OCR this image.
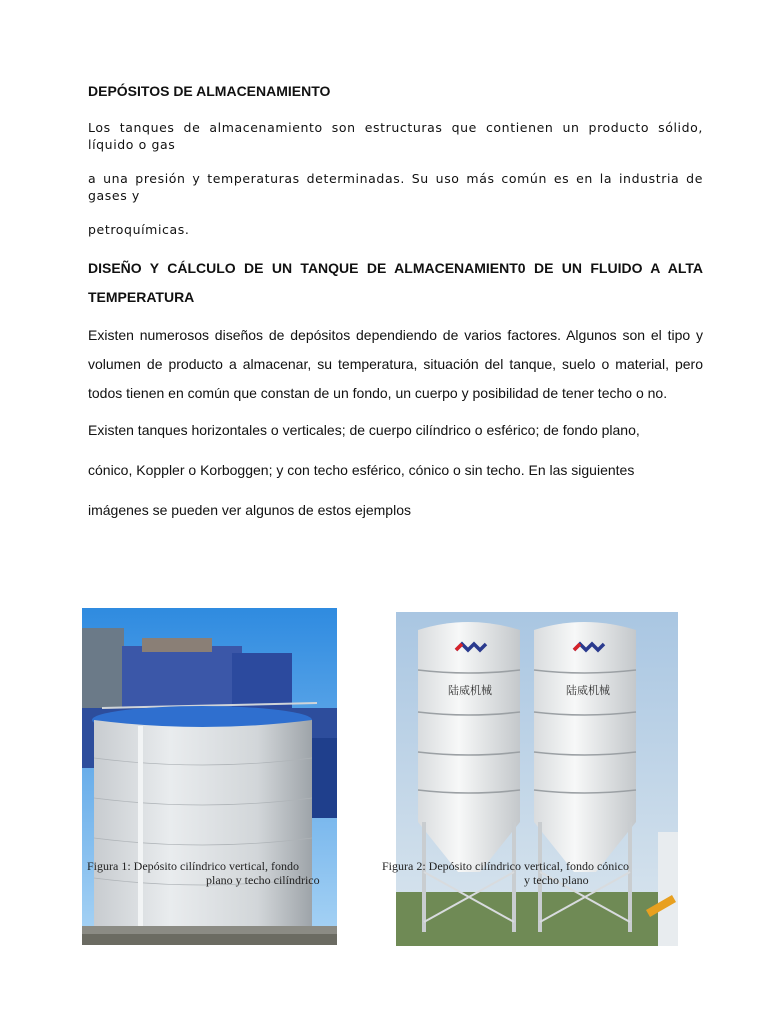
DEPÓSITOS DE ALMACENAMIENTO
Los tanques de almacenamiento son estructuras que contienen un producto sólido, líquido o gas
a una presión y temperaturas determinadas. Su uso más común es en la industria de gases y
petroquímicas.
DISEÑO Y CÁLCULO DE UN TANQUE DE ALMACENAMIENT0 DE UN FLUIDO A ALTA TEMPERATURA
Existen numerosos diseños de depósitos dependiendo de varios factores. Algunos son el tipo y volumen de producto a almacenar, su temperatura, situación del tanque, suelo o material, pero todos tienen en común que constan de un fondo, un cuerpo y posibilidad de tener techo o no.
Existen tanques horizontales o verticales; de cuerpo cilíndrico o esférico; de fondo plano,
cónico, Koppler o Korboggen; y con techo esférico, cónico o sin techo. En las siguientes
imágenes se pueden ver algunos de estos ejemplos
陆威机械	陆威机械
Figura 1: Depósito cilíndrico vertical, fondo
plano y techo cilíndrico
Figura 2: Depósito cilíndrico vertical, fondo cónico
y techo plano
